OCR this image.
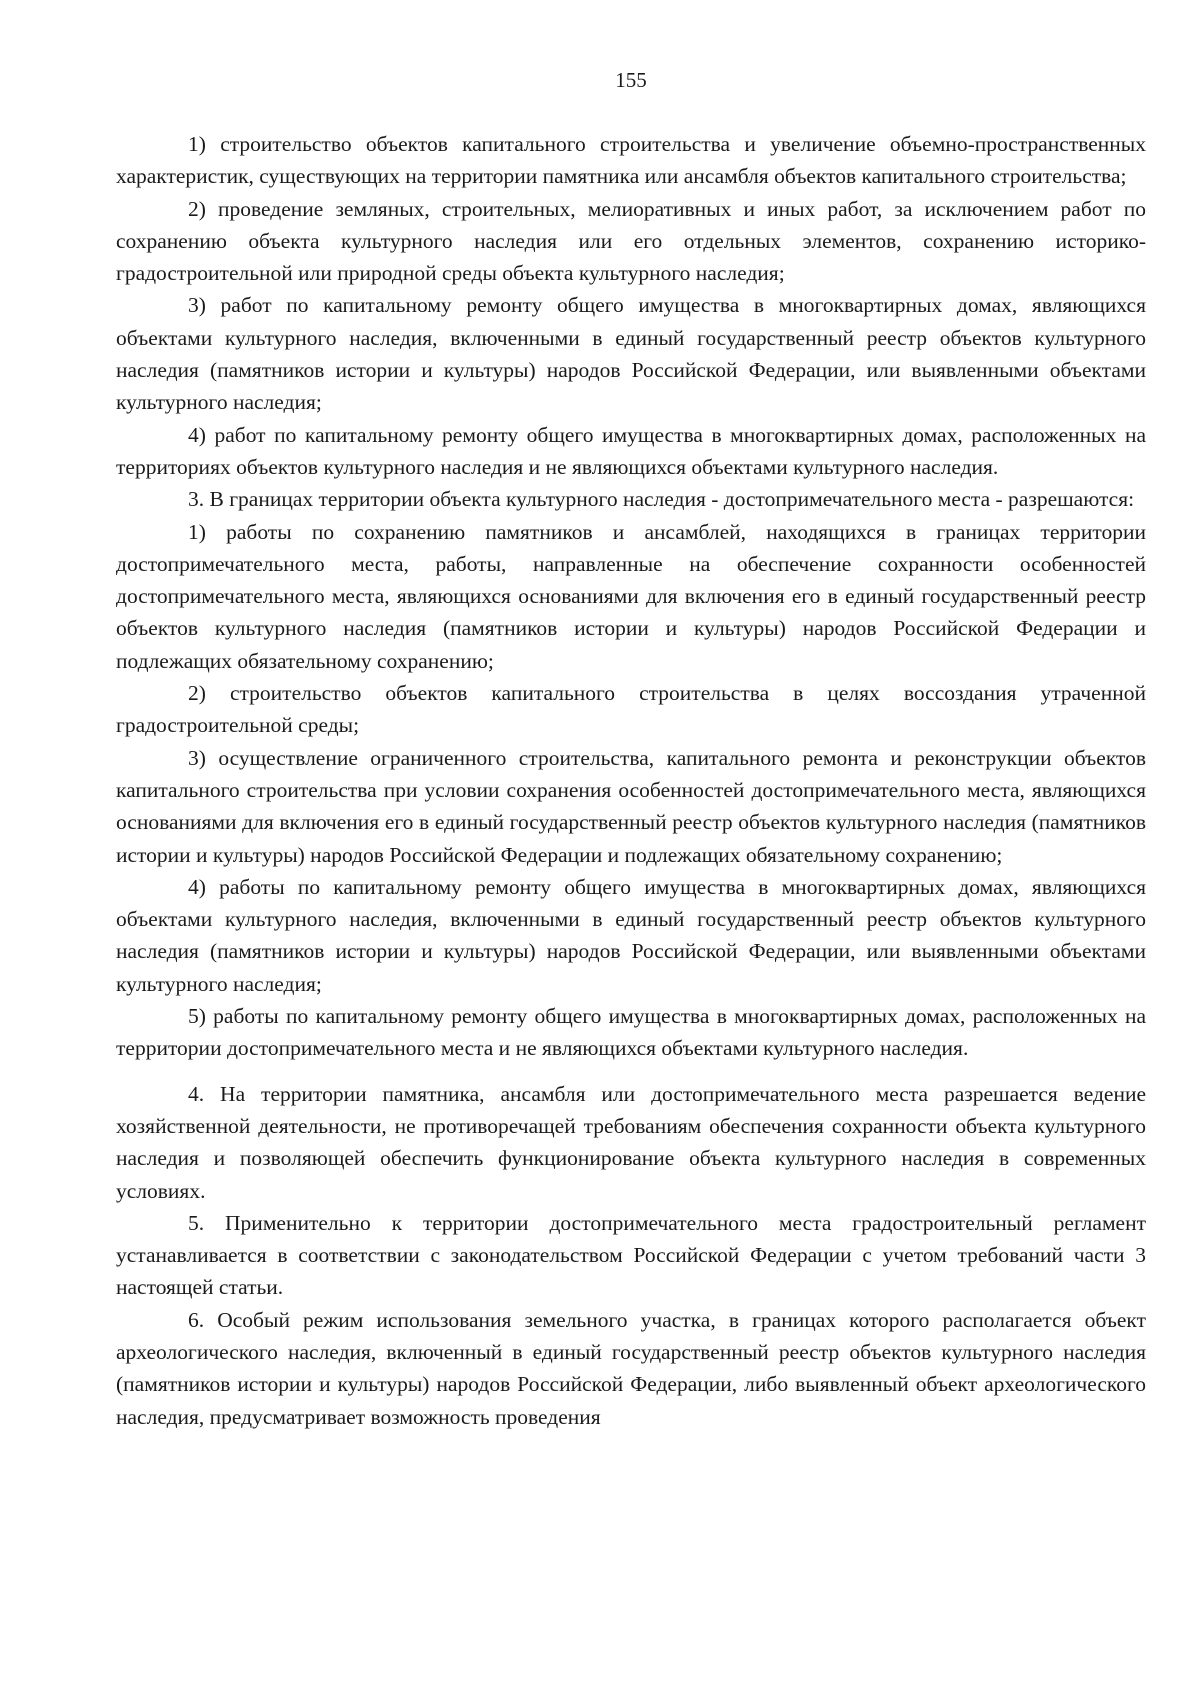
155

1) строительство объектов капитального строительства и увеличение объемно-пространственных характеристик, существующих на территории памятника или ансамбля объектов капитального строительства;

2) проведение земляных, строительных, мелиоративных и иных работ, за исключением работ по сохранению объекта культурного наследия или его отдельных элементов, сохранению историко-градостроительной или природной среды объекта культурного наследия;

3) работ по капитальному ремонту общего имущества в многоквартирных домах, являющихся объектами культурного наследия, включенными в единый государственный реестр объектов культурного наследия (памятников истории и культуры) народов Российской Федерации, или выявленными объектами культурного наследия;

4) работ по капитальному ремонту общего имущества в многоквартирных домах, расположенных на территориях объектов культурного наследия и не являющихся объектами культурного наследия.

3. В границах территории объекта культурного наследия - достопримечательного места - разрешаются:

1) работы по сохранению памятников и ансамблей, находящихся в границах территории достопримечательного места, работы, направленные на обеспечение сохранности особенностей достопримечательного места, являющихся основаниями для включения его в единый государственный реестр объектов культурного наследия (памятников истории и культуры) народов Российской Федерации и подлежащих обязательному сохранению;

2) строительство объектов капитального строительства в целях воссоздания утраченной градостроительной среды;

3) осуществление ограниченного строительства, капитального ремонта и реконструкции объектов капитального строительства при условии сохранения особенностей достопримечательного места, являющихся основаниями для включения его в единый государственный реестр объектов культурного наследия (памятников истории и культуры) народов Российской Федерации и подлежащих обязательному сохранению;

4) работы по капитальному ремонту общего имущества в многоквартирных домах, являющихся объектами культурного наследия, включенными в единый государственный реестр объектов культурного наследия (памятников истории и культуры) народов Российской Федерации, или выявленными объектами культурного наследия;

5) работы по капитальному ремонту общего имущества в многоквартирных домах, расположенных на территории достопримечательного места и не являющихся объектами культурного наследия.

4. На территории памятника, ансамбля или достопримечательного места разрешается ведение хозяйственной деятельности, не противоречащей требованиям обеспечения сохранности объекта культурного наследия и позволяющей обеспечить функционирование объекта культурного наследия в современных условиях.

5. Применительно к территории достопримечательного места градостроительный регламент устанавливается в соответствии с законодательством Российской Федерации с учетом требований части 3 настоящей статьи.

6. Особый режим использования земельного участка, в границах которого располагается объект археологического наследия, включенный в единый государственный реестр объектов культурного наследия (памятников истории и культуры) народов Российской Федерации, либо выявленный объект археологического наследия, предусматривает возможность проведения
